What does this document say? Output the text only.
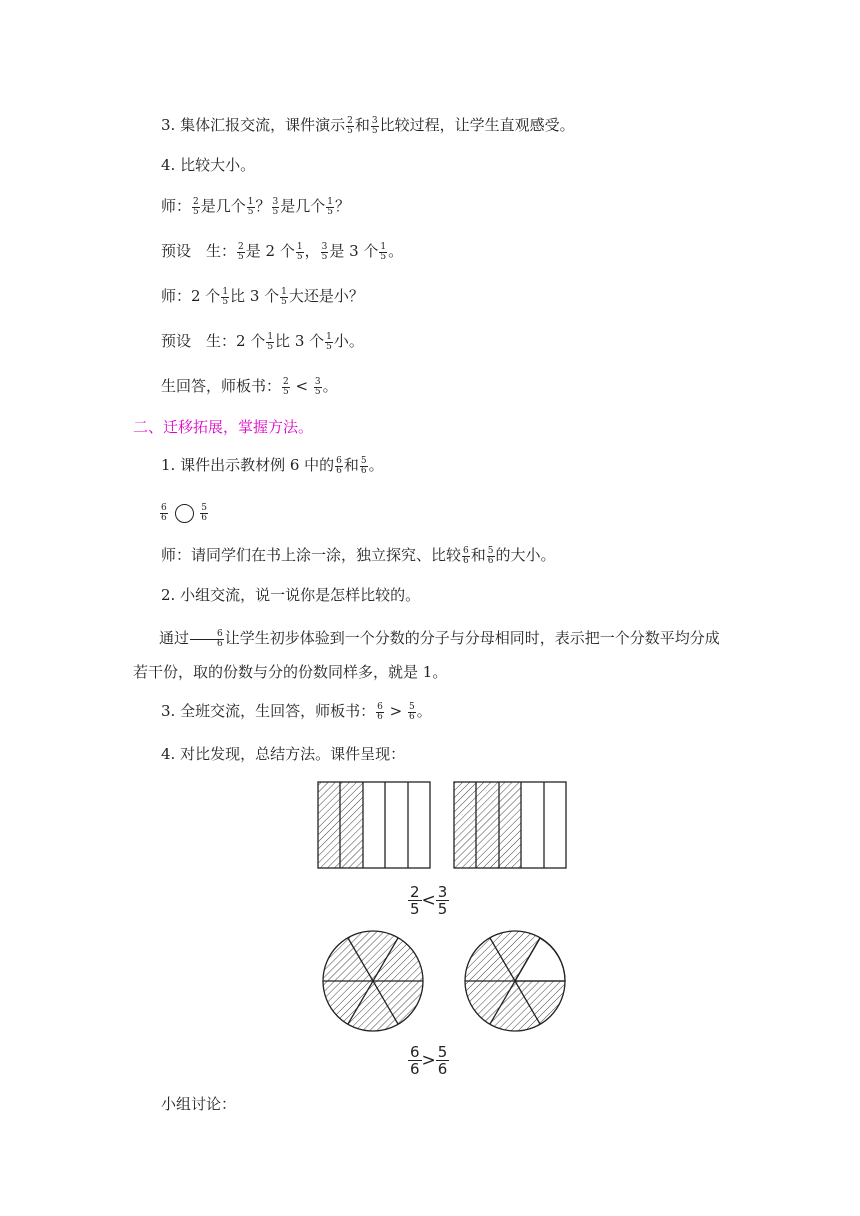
3. 集体汇报交流，课件演示 $\frac{2}{5}$ 和 $\frac{3}{5}$ 比较过程，让学生直观感受。
4. 比较大小。
师： $\frac{2}{5}$ 是几个 $\frac{1}{5}$ ？ $\frac{3}{5}$ 是几个 $\frac{1}{5}$ ？
预设　生： $\frac{2}{5}$ 是 2 个 $\frac{1}{5}$ ， $\frac{3}{5}$ 是 3 个 $\frac{1}{5}$ 。
师：2 个 $\frac{1}{5}$ 比 3 个 $\frac{1}{5}$ 大还是小？
预设　生：2 个 $\frac{1}{5}$ 比 3 个 $\frac{1}{5}$ 小。
生回答，师板书： $\frac{2}{5} < \frac{3}{5}$ 。
二、迁移拓展，掌握方法。
1. 课件出示教材例 6 中的 $\frac{6}{6}$ 和 $\frac{5}{6}$ 。
$\frac{6}{6}$
	$\frac{5}{6}$
师：请同学们在书上涂一涂，独立探究、比较 $\frac{6}{6}$ 和 $\frac{5}{6}$ 的大小。
2. 小组交流，说一说你是怎样比较的。
通过 $\frac{6}{6}$ 让学生初步体验到一个分数的分子与分母相同时，表示把一个分数平均分成若干份，取的份数与分的份数同样多，就是 1。
3. 全班交流，生回答，师板书： $\frac{6}{6} > \frac{5}{6}$ 。
4. 对比发现，总结方法。课件呈现：
$\frac{2}{5} < \frac{3}{5}$
$\frac{6}{6} > \frac{5}{6}$
小组讨论：
